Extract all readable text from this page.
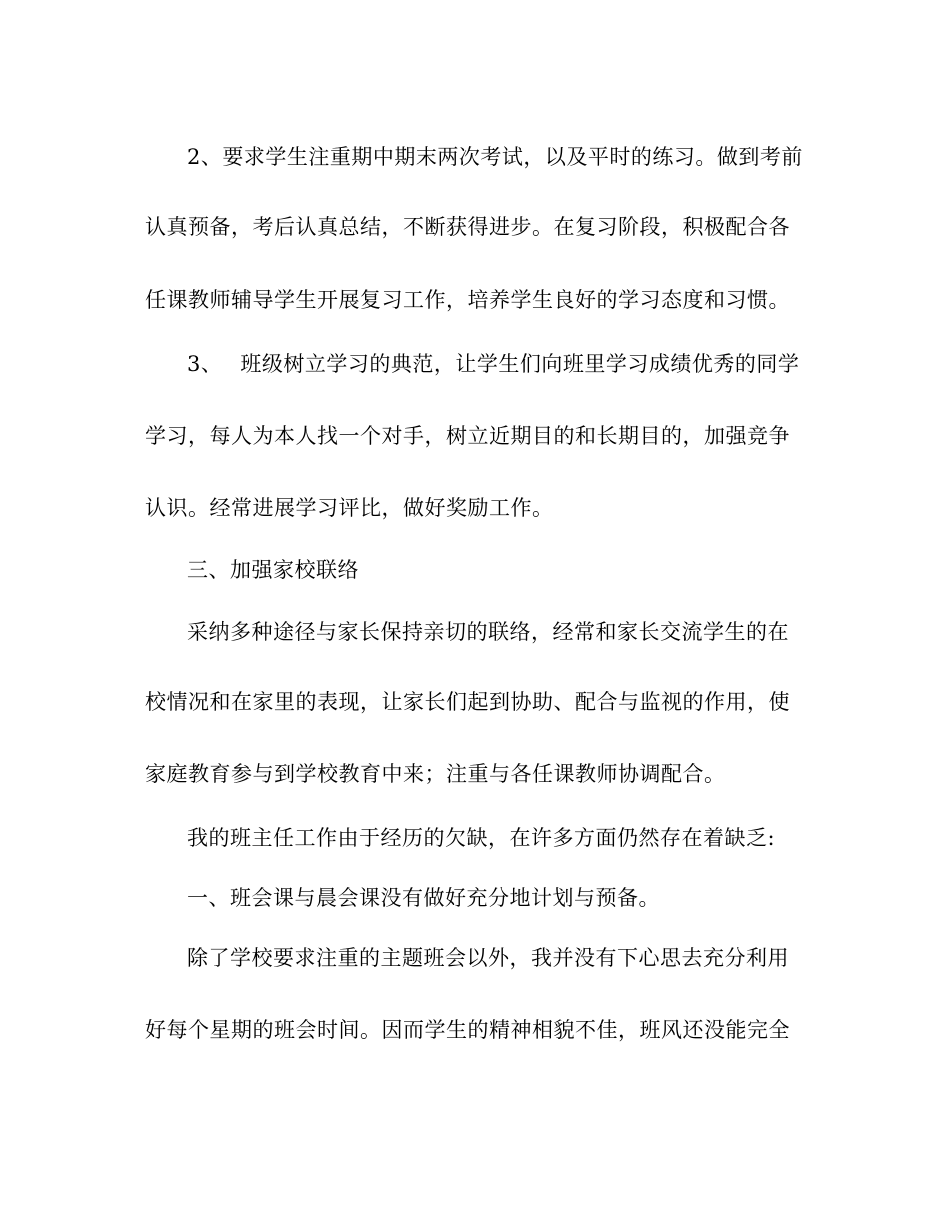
2、要求学生注重期中期末两次考试，以及平时的练习。做到考前
认真预备，考后认真总结，不断获得进步。在复习阶段，积极配合各
任课教师辅导学生开展复习工作，培养学生良好的学习态度和习惯。
3、 班级树立学习的典范，让学生们向班里学习成绩优秀的同学
学习，每人为本人找一个对手，树立近期目的和长期目的，加强竞争
认识。经常进展学习评比，做好奖励工作。
三、加强家校联络
采纳多种途径与家长保持亲切的联络，经常和家长交流学生的在
校情况和在家里的表现，让家长们起到协助、配合与监视的作用，使
家庭教育参与到学校教育中来；注重与各任课教师协调配合。
我的班主任工作由于经历的欠缺，在许多方面仍然存在着缺乏:
一、班会课与晨会课没有做好充分地计划与预备。
除了学校要求注重的主题班会以外，我并没有下心思去充分利用
好每个星期的班会时间。因而学生的精神相貌不佳，班风还没能完全
